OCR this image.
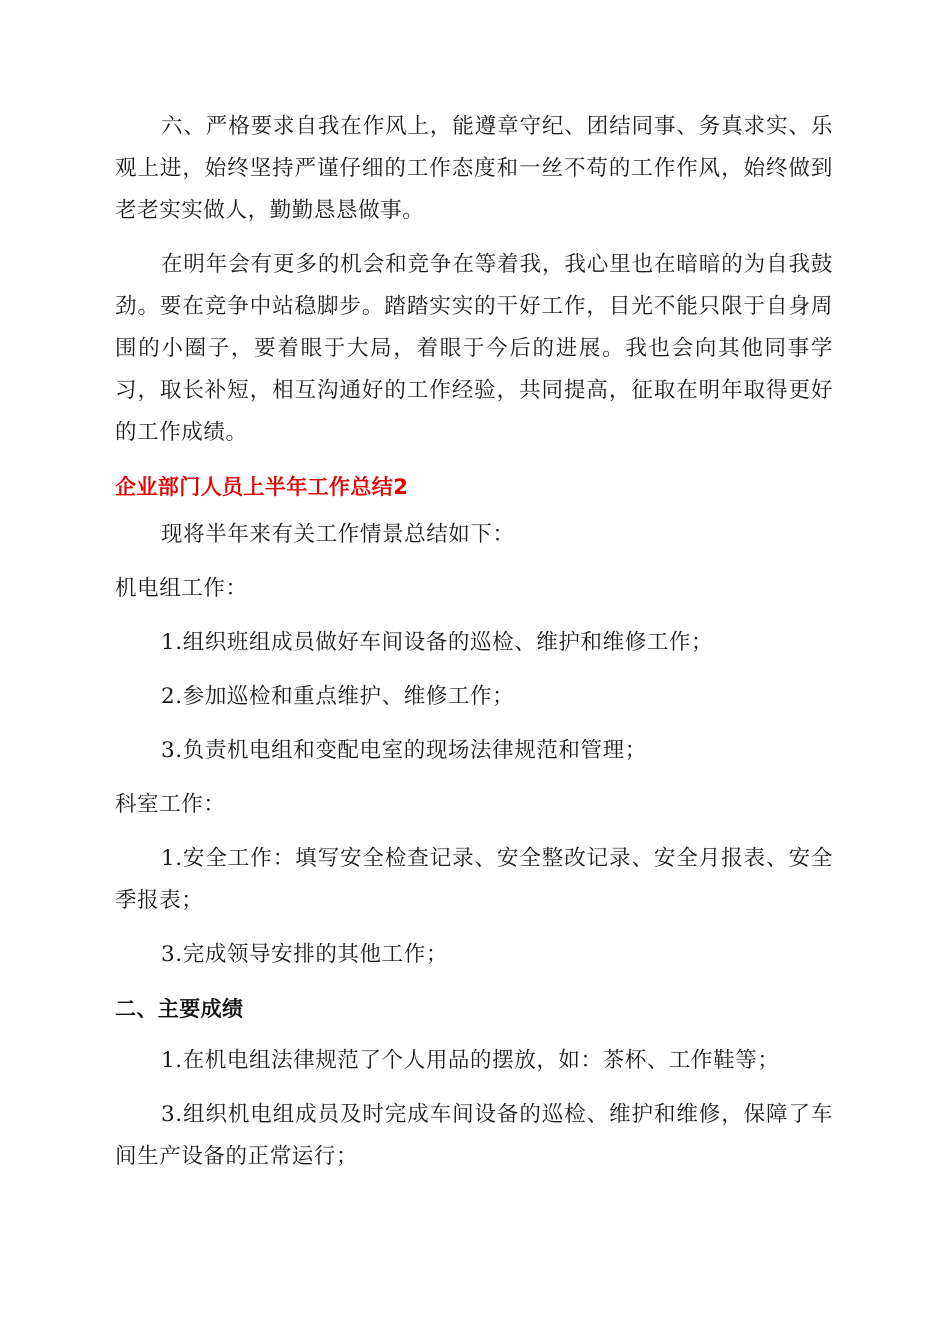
六、严格要求自我在作风上，能遵章守纪、团结同事、务真求实、乐观上进，始终坚持严谨仔细的工作态度和一丝不苟的工作作风，始终做到老老实实做人，勤勤恳恳做事。

在明年会有更多的机会和竞争在等着我，我心里也在暗暗的为自我鼓劲。要在竞争中站稳脚步。踏踏实实的干好工作，目光不能只限于自身周围的小圈子，要着眼于大局，着眼于今后的进展。我也会向其他同事学习，取长补短，相互沟通好的工作经验，共同提高，征取在明年取得更好的工作成绩。

企业部门人员上半年工作总结2

现将半年来有关工作情景总结如下：

机电组工作：

1.组织班组成员做好车间设备的巡检、维护和维修工作；

2.参加巡检和重点维护、维修工作；

3.负责机电组和变配电室的现场法律规范和管理；

科室工作：

1.安全工作：填写安全检查记录、安全整改记录、安全月报表、安全季报表；

3.完成领导安排的其他工作；

二、主要成绩

1.在机电组法律规范了个人用品的摆放，如：茶杯、工作鞋等；

3.组织机电组成员及时完成车间设备的巡检、维护和维修，保障了车间生产设备的正常运行；
